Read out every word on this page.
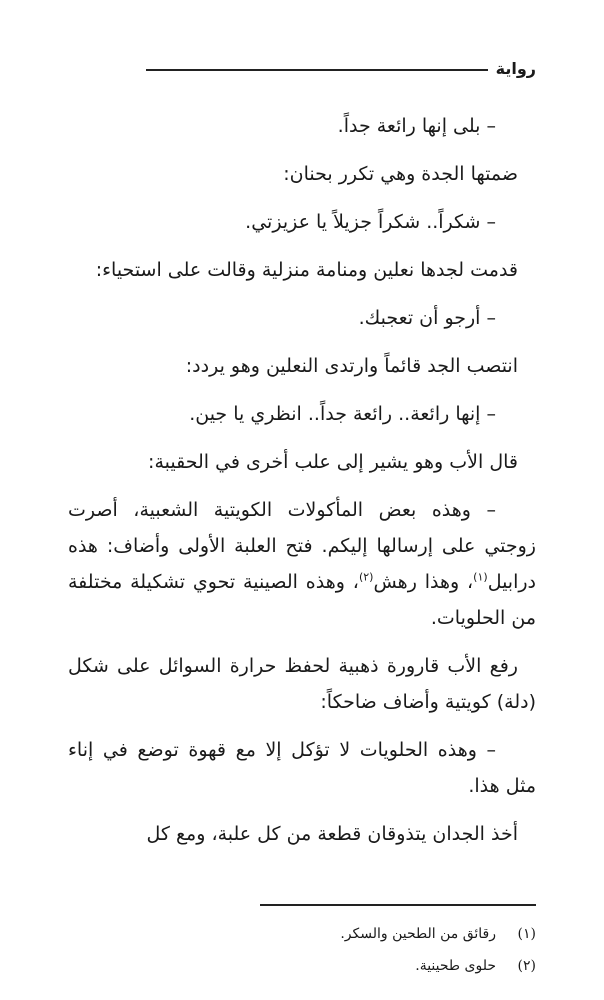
رواية

– بلى إنها رائعة جداً.

ضمتها الجدة وهي تكرر بحنان:

– شكراً.. شكراً جزيلاً يا عزيزتي.

قدمت لجدها نعلين ومنامة منزلية وقالت على استحياء:

– أرجو أن تعجبك.

انتصب الجد قائماً وارتدى النعلين وهو يردد:

– إنها رائعة.. رائعة جداً.. انظري يا جين.

قال الأب وهو يشير إلى علب أخرى في الحقيبة:

– وهذه بعض المأكولات الكويتية الشعبية، أصرت زوجتي على إرسالها إليكم. فتح العلبة الأولى وأضاف: هذه درابيل$^{(١)}$، وهذا رهش$^{(٢)}$، وهذه الصينية تحوي تشكيلة مختلفة من الحلويات.

رفع الأب قارورة ذهبية لحفظ حرارة السوائل على شكل (دلة) كويتية وأضاف ضاحكاً:

– وهذه الحلويات لا تؤكل إلا مع قهوة توضع في إناء مثل هذا.

أخذ الجدان يتذوقان قطعة من كل علبة، ومع كل

(١)
رقائق من الطحين والسكر.
(٢)
حلوى طحينية.
